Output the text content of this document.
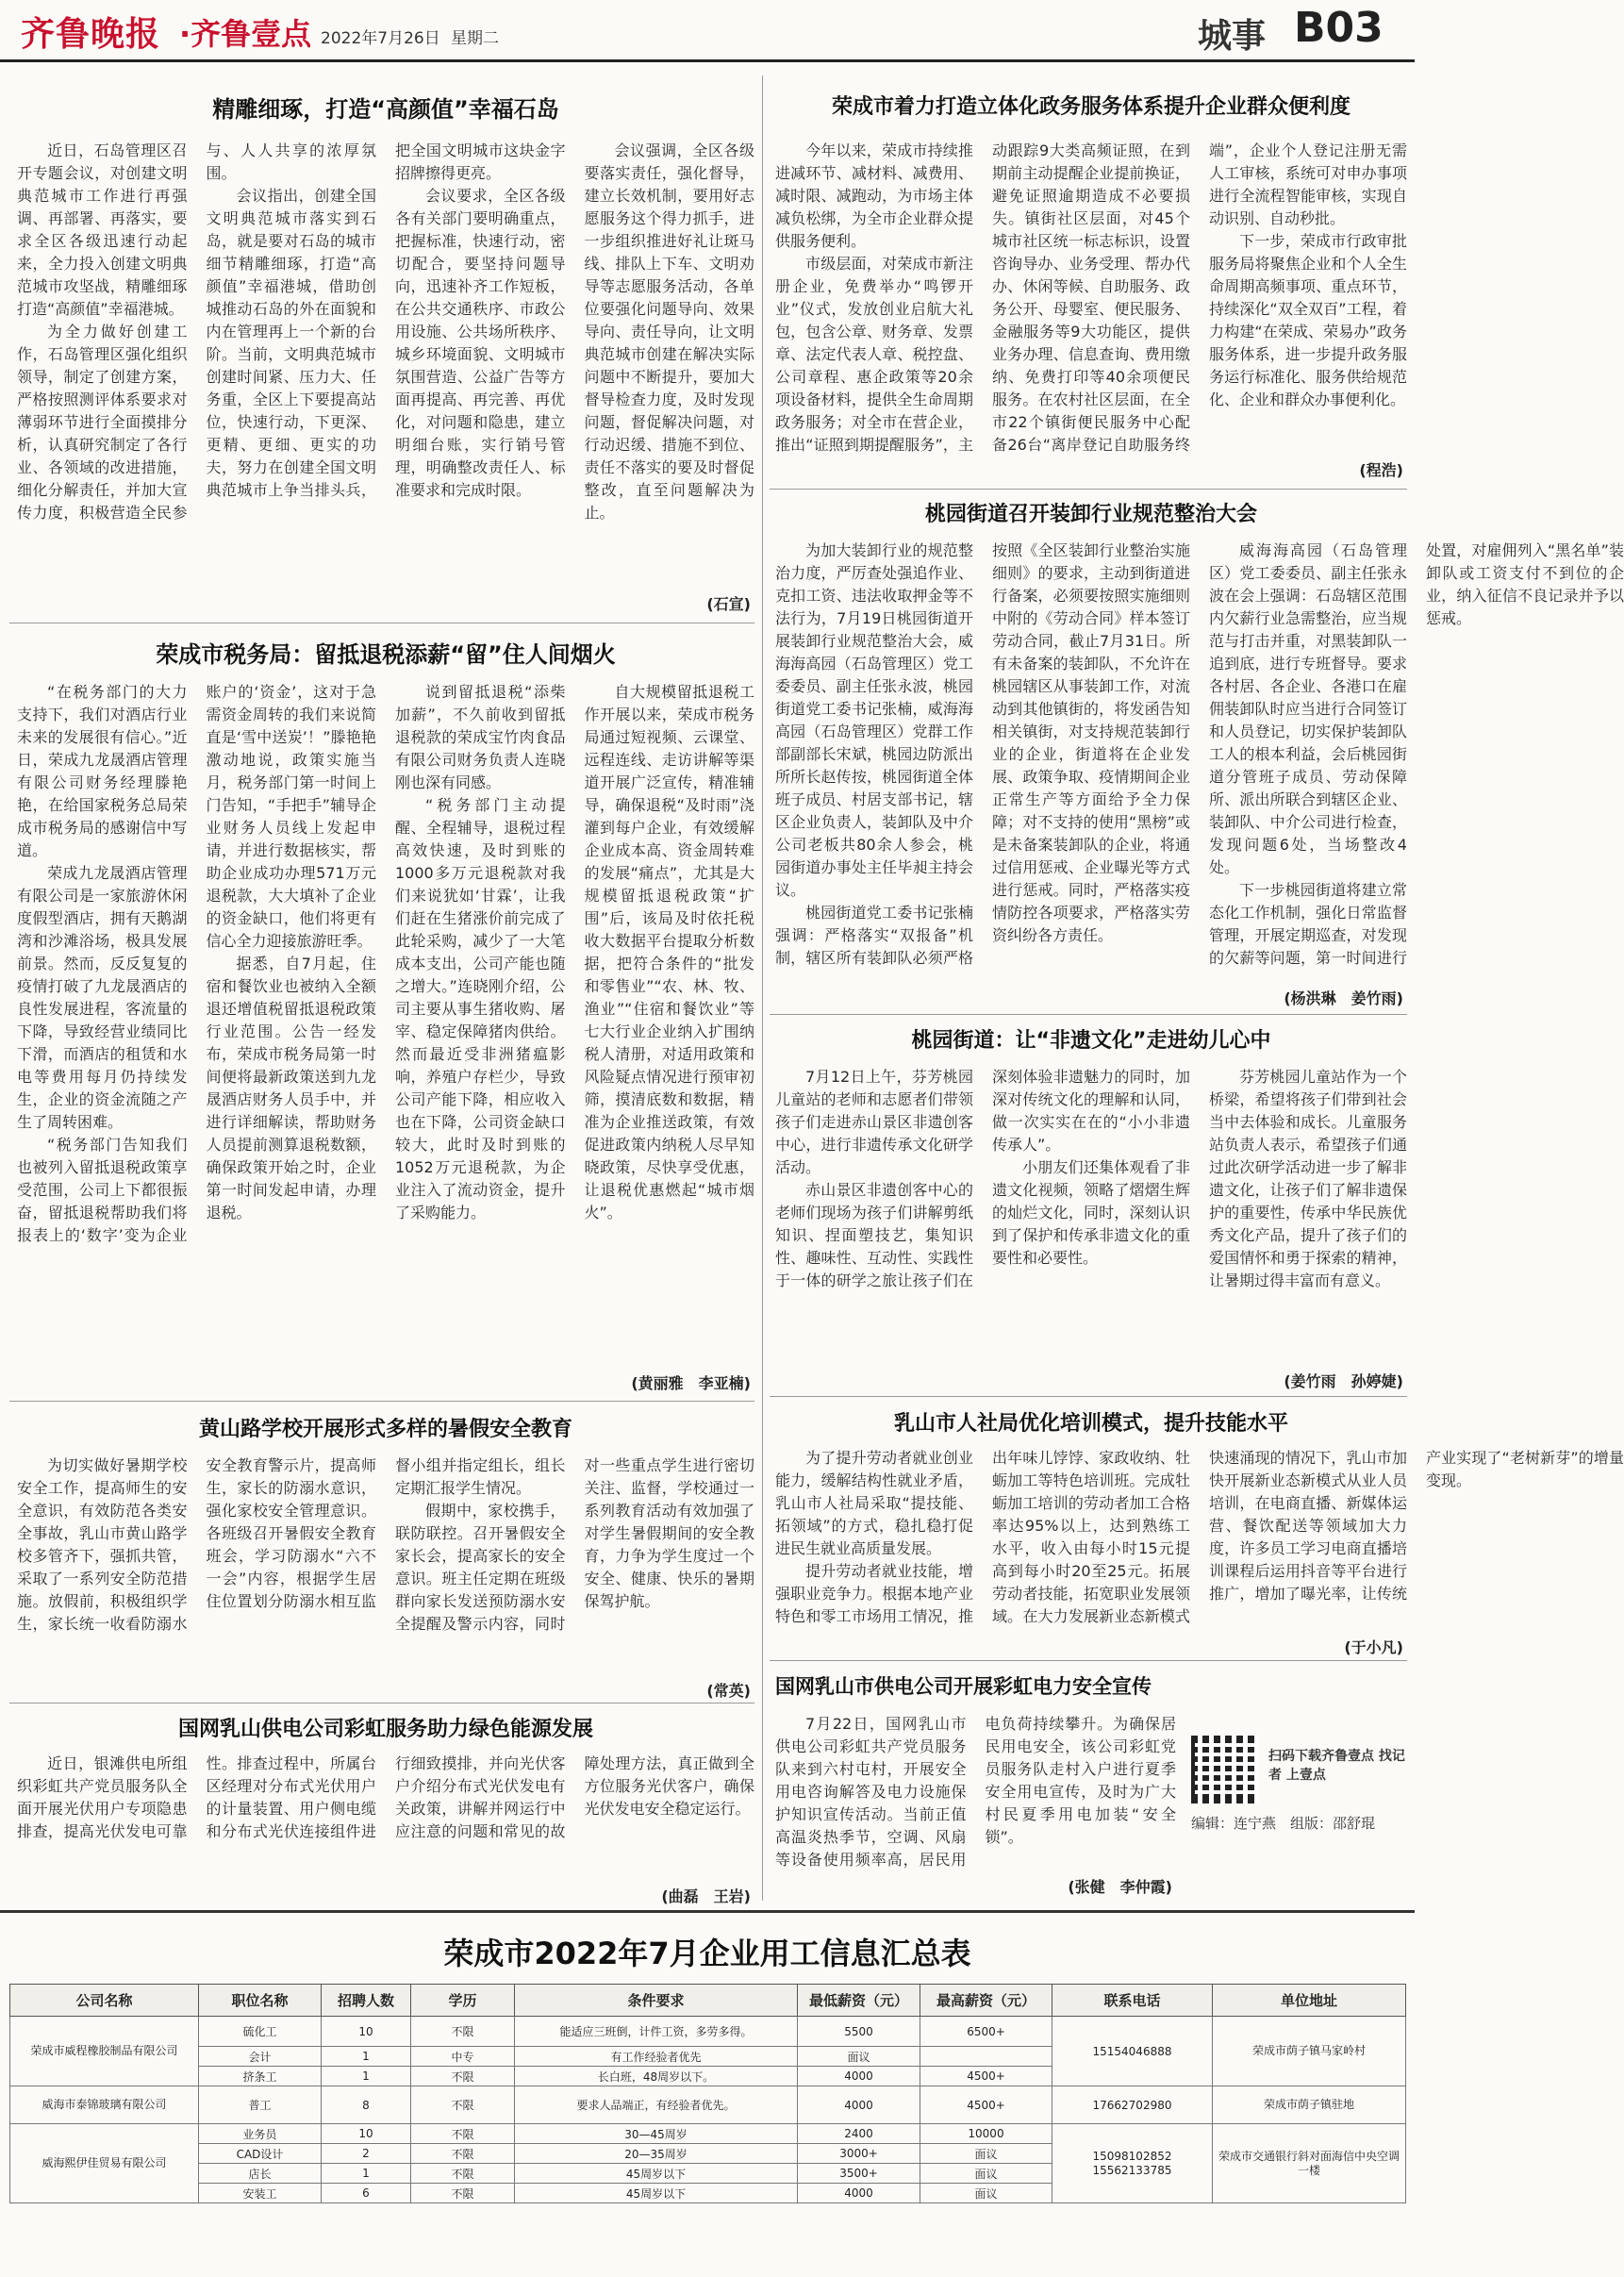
齐鲁晚报 ·齐鲁壹点 2022年7月26日 星期二	城事 B03
精雕细琢，打造“高颜值”幸福石岛

近日，石岛管理区召开专题会议，对创建文明典范城市工作进行再强调、再部署、再落实，要求全区各级迅速行动起来，全力投入创建文明典范城市攻坚战，精雕细琢打造“高颜值”幸福港城。

为全力做好创建工作，石岛管理区强化组织领导，制定了创建方案，严格按照测评体系要求对薄弱环节进行全面摸排分析，认真研究制定了各行业、各领域的改进措施，细化分解责任，并加大宣传力度，积极营造全民参与、人人共享的浓厚氛围。

会议指出，创建全国文明典范城市落实到石岛，就是要对石岛的城市细节精雕细琢，打造“高颜值”幸福港城，借助创城推动石岛的外在面貌和内在管理再上一个新的台阶。当前，文明典范城市创建时间紧、压力大、任务重，全区上下要提高站位，快速行动，下更深、更精、更细、更实的功夫，努力在创建全国文明典范城市上争当排头兵，把全国文明城市这块金字招牌擦得更亮。

会议要求，全区各级各有关部门要明确重点，把握标准，快速行动，密切配合，要坚持问题导向，迅速补齐工作短板，在公共交通秩序、市政公用设施、公共场所秩序、城乡环境面貌、文明城市氛围营造、公益广告等方面再提高、再完善、再优化，对问题和隐患，建立明细台账，实行销号管理，明确整改责任人、标准要求和完成时限。

会议强调，全区各级要落实责任，强化督导，建立长效机制，要用好志愿服务这个得力抓手，进一步组织推进好礼让斑马线、排队上下车、文明劝导等志愿服务活动，各单位要强化问题导向、效果导向、责任导向，让文明典范城市创建在解决实际问题中不断提升，要加大督导检查力度，及时发现问题，督促解决问题，对行动迟缓、措施不到位、责任不落实的要及时督促整改，直至问题解决为止。

(石宣)
荣成市着力打造立体化政务服务体系提升企业群众便利度

今年以来，荣成市持续推进减环节、减材料、减费用、减时限、减跑动，为市场主体减负松绑，为全市企业群众提供服务便利。

市级层面，对荣成市新注册企业，免费举办“鸣锣开业”仪式，发放创业启航大礼包，包含公章、财务章、发票章、法定代表人章、税控盘、公司章程、惠企政策等20余项设备材料，提供全生命周期政务服务；对全市在营企业，推出“证照到期提醒服务”，主动跟踪9大类高频证照，在到期前主动提醒企业提前换证，避免证照逾期造成不必要损失。镇街社区层面，对45个城市社区统一标志标识，设置咨询导办、业务受理、帮办代办、休闲等候、自助服务、政务公开、母婴室、便民服务、金融服务等9大功能区，提供业务办理、信息查询、费用缴纳、免费打印等40余项便民服务。在农村社区层面，在全市22个镇街便民服务中心配备26台“离岸登记自助服务终端”，企业个人登记注册无需人工审核，系统可对申办事项进行全流程智能审核，实现自动识别、自动秒批。

下一步，荣成市行政审批服务局将聚焦企业和个人全生命周期高频事项、重点环节，持续深化“双全双百”工程，着力构建“在荣成、荣易办”政务服务体系，进一步提升政务服务运行标准化、服务供给规范化、企业和群众办事便利化。

(程浩)
桃园街道召开装卸行业规范整治大会

为加大装卸行业的规范整治力度，严厉查处强追作业、克扣工资、违法收取押金等不法行为，7月19日桃园街道开展装卸行业规范整治大会，威海海高园（石岛管理区）党工委委员、副主任张永波，桃园街道党工委书记张楠，威海海高园（石岛管理区）党群工作部副部长宋斌，桃园边防派出所所长赵传按，桃园街道全体班子成员、村居支部书记，辖区企业负责人，装卸队及中介公司老板共80余人参会，桃园街道办事处主任毕昶主持会议。

桃园街道党工委书记张楠强调：严格落实“双报备”机制，辖区所有装卸队必须严格按照《全区装卸行业整治实施细则》的要求，主动到街道进行备案，必须要按照实施细则中附的《劳动合同》样本签订劳动合同，截止7月31日。所有未备案的装卸队，不允许在桃园辖区从事装卸工作，对流动到其他镇街的，将发函告知相关镇街，对支持规范装卸行业的企业，街道将在企业发展、政策争取、疫情期间企业正常生产等方面给予全力保障；对不支持的使用“黑榜”或是未备案装卸队的企业，将通过信用惩戒、企业曝光等方式进行惩戒。同时，严格落实疫情防控各项要求，严格落实劳资纠纷各方责任。

威海海高园（石岛管理区）党工委委员、副主任张永波在会上强调：石岛辖区范围内欠薪行业急需整治，应当规范与打击并重，对黑装卸队一追到底，进行专班督导。要求各村居、各企业、各港口在雇佣装卸队时应当进行合同签订和人员登记，切实保护装卸队工人的根本利益，会后桃园街道分管班子成员、劳动保障所、派出所联合到辖区企业、装卸队、中介公司进行检查，发现问题6处，当场整改4处。

下一步桃园街道将建立常态化工作机制，强化日常监督管理，开展定期巡查，对发现的欠薪等问题，第一时间进行处置，对雇佣列入“黑名单”装卸队或工资支付不到位的企业，纳入征信不良记录并予以惩戒。

(杨洪琳　姜竹雨)
荣成市税务局：留抵退税添薪“留”住人间烟火

“在税务部门的大力支持下，我们对酒店行业未来的发展很有信心。”近日，荣成九龙晟酒店管理有限公司财务经理滕艳艳，在给国家税务总局荣成市税务局的感谢信中写道。

荣成九龙晟酒店管理有限公司是一家旅游休闲度假型酒店，拥有天鹅湖湾和沙滩浴场，极具发展前景。然而，反反复复的疫情打破了九龙晟酒店的良性发展进程，客流量的下降，导致经营业绩同比下滑，而酒店的租赁和水电等费用每月仍持续发生，企业的资金流随之产生了周转困难。

“税务部门告知我们也被列入留抵退税政策享受范围，公司上下都很振奋，留抵退税帮助我们将报表上的‘数字’变为企业账户的‘资金’，这对于急需资金周转的我们来说简直是‘雪中送炭’！”滕艳艳激动地说，政策实施当月，税务部门第一时间上门告知，“手把手”辅导企业财务人员线上发起申请，并进行数据核实，帮助企业成功办理571万元退税款，大大填补了企业的资金缺口，他们将更有信心全力迎接旅游旺季。

据悉，自7月起，住宿和餐饮业也被纳入全额退还增值税留抵退税政策行业范围。公告一经发布，荣成市税务局第一时间便将最新政策送到九龙晟酒店财务人员手中，并进行详细解读，帮助财务人员提前测算退税数额，确保政策开始之时，企业第一时间发起申请，办理退税。

说到留抵退税“添柴加薪”，不久前收到留抵退税款的荣成宝竹肉食品有限公司财务负责人连晓刚也深有同感。

“税务部门主动提醒、全程辅导，退税过程高效快速，及时到账的1000多万元退税款对我们来说犹如‘甘霖’，让我们赶在生猪涨价前完成了此轮采购，减少了一大笔成本支出，公司产能也随之增大。”连晓刚介绍，公司主要从事生猪收购、屠宰、稳定保障猪肉供给。然而最近受非洲猪瘟影响，养殖户存栏少，导致公司产能下降，相应收入也在下降，公司资金缺口较大，此时及时到账的1052万元退税款，为企业注入了流动资金，提升了采购能力。

自大规模留抵退税工作开展以来，荣成市税务局通过短视频、云课堂、远程连线、走访讲解等渠道开展广泛宣传，精准辅导，确保退税“及时雨”浇灌到每户企业，有效缓解企业成本高、资金周转难的发展“痛点”，尤其是大规模留抵退税政策“扩围”后，该局及时依托税收大数据平台提取分析数据，把符合条件的“批发和零售业”“农、林、牧、渔业”“住宿和餐饮业”等七大行业企业纳入扩围纳税人清册，对适用政策和风险疑点情况进行预审初筛，摸清底数和数据，精准为企业推送政策，有效促进政策内纳税人尽早知晓政策，尽快享受优惠，让退税优惠燃起“城市烟火”。

(黄丽雅　李亚楠)
桃园街道：让“非遗文化”走进幼儿心中

7月12日上午，芬芳桃园儿童站的老师和志愿者们带领孩子们走进赤山景区非遗创客中心，进行非遗传承文化研学活动。

赤山景区非遗创客中心的老师们现场为孩子们讲解剪纸知识、捏面塑技艺，集知识性、趣味性、互动性、实践性于一体的研学之旅让孩子们在深刻体验非遗魅力的同时，加深对传统文化的理解和认同，做一次实实在在的“小小非遗传承人”。

小朋友们还集体观看了非遗文化视频，领略了熠熠生辉的灿烂文化，同时，深刻认识到了保护和传承非遗文化的重要性和必要性。

芬芳桃园儿童站作为一个桥梁，希望将孩子们带到社会当中去体验和成长。儿童服务站负责人表示，希望孩子们通过此次研学活动进一步了解非遗文化，让孩子们了解非遗保护的重要性，传承中华民族优秀文化产品，提升了孩子们的爱国情怀和勇于探索的精神，让暑期过得丰富而有意义。

(姜竹雨　孙婷婕)
黄山路学校开展形式多样的暑假安全教育

为切实做好暑期学校安全工作，提高师生的安全意识，有效防范各类安全事故，乳山市黄山路学校多管齐下，强抓共管，采取了一系列安全防范措施。放假前，积极组织学生，家长统一收看防溺水安全教育警示片，提高师生，家长的防溺水意识，强化家校安全管理意识。各班级召开暑假安全教育班会，学习防溺水“六不一会”内容，根据学生居住位置划分防溺水相互监督小组并指定组长，组长定期汇报学生情况。

假期中，家校携手，联防联控。召开暑假安全家长会，提高家长的安全意识。班主任定期在班级群向家长发送预防溺水安全提醒及警示内容，同时对一些重点学生进行密切关注、监督，学校通过一系列教育活动有效加强了对学生暑假期间的安全教育，力争为学生度过一个安全、健康、快乐的暑期保驾护航。

(常英)
乳山市人社局优化培训模式，提升技能水平

为了提升劳动者就业创业能力，缓解结构性就业矛盾，乳山市人社局采取“提技能、拓领域”的方式，稳扎稳打促进民生就业高质量发展。

提升劳动者就业技能，增强职业竞争力。根据本地产业特色和零工市场用工情况，推出年味儿饽饽、家政收纳、牡蛎加工等特色培训班。完成牡蛎加工培训的劳动者加工合格率达95%以上，达到熟练工水平，收入由每小时15元提高到每小时20至25元。拓展劳动者技能，拓宽职业发展领域。在大力发展新业态新模式快速涌现的情况下，乳山市加快开展新业态新模式从业人员培训，在电商直播、新媒体运营、餐饮配送等领域加大力度，许多员工学习电商直播培训课程后运用抖音等平台进行推广，增加了曝光率，让传统产业实现了“老树新芽”的增量变现。

(于小凡)
国网乳山供电公司彩虹服务助力绿色能源发展

近日，银滩供电所组织彩虹共产党员服务队全面开展光伏用户专项隐患排查，提高光伏发电可靠性。排查过程中，所属台区经理对分布式光伏用户的计量装置、用户侧电缆和分布式光伏连接组件进行细致摸排，并向光伏客户介绍分布式光伏发电有关政策，讲解并网运行中应注意的问题和常见的故障处理方法，真正做到全方位服务光伏客户，确保光伏发电安全稳定运行。

(曲磊　王岩)
国网乳山市供电公司开展彩虹电力安全宣传

7月22日，国网乳山市供电公司彩虹共产党员服务队来到六村屯村，开展安全用电咨询解答及电力设施保护知识宣传活动。当前正值高温炎热季节，空调、风扇等设备使用频率高，居民用电负荷持续攀升。为确保居民用电安全，该公司彩虹党员服务队走村入户进行夏季安全用电宣传，及时为广大村民夏季用电加装“安全锁”。

(张健　李仲霞)
扫码下载齐鲁壹点 找记者 上壹点
编辑：连宁燕　组版：邵舒琨
荣成市2022年7月企业用工信息汇总表
公司名称	职位名称	招聘人数	学历	条件要求	最低薪资（元）	最高薪资（元）	联系电话	单位地址
荣成市威程橡胶制品有限公司	硫化工	10	不限	能适应三班倒，计件工资，多劳多得。	5500	6500+	15154046888	荣成市荫子镇马家岭村
	会计	1	中专	有工作经验者优先	面议			
	挤条工	1	不限	长白班，48周岁以下。	4000	4500+		
威海市泰锦玻璃有限公司	普工	8	不限	要求人品端正，有经验者优先。	4000	4500+	17662702980	荣成市荫子镇驻地
威海熙伊佳贸易有限公司	业务员	10	不限	30—45周岁	2400	10000	15098102852 15562133785	荣成市交通银行斜对面海信中央空调一楼
	CAD设计	2	不限	20—35周岁	3000+	面议		
	店长	1	不限	45周岁以下	3500+	面议		
	安装工	6	不限	45周岁以下	4000	面议		
